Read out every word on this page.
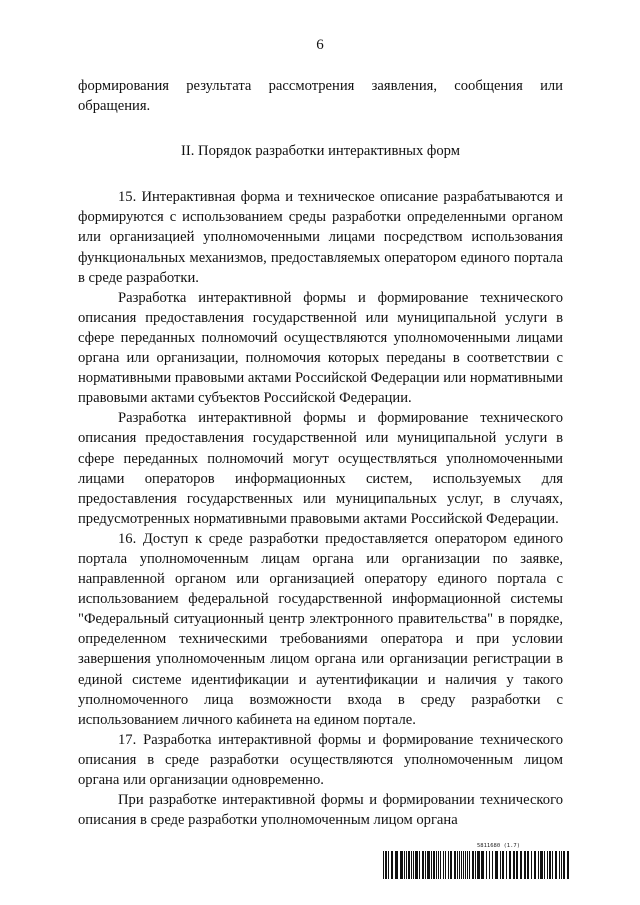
6

формирования результата рассмотрения заявления, сообщения или обращения.

II. Порядок разработки интерактивных форм

15. Интерактивная форма и техническое описание разрабатываются и формируются с использованием среды разработки определенными органом или организацией уполномоченными лицами посредством использования функциональных механизмов, предоставляемых оператором единого портала в среде разработки.

Разработка интерактивной формы и формирование технического описания предоставления государственной или муниципальной услуги в сфере переданных полномочий осуществляются уполномоченными лицами органа или организации, полномочия которых переданы в соответствии с нормативными правовыми актами Российской Федерации или нормативными правовыми актами субъектов Российской Федерации.

Разработка интерактивной формы и формирование технического описания предоставления государственной или муниципальной услуги в сфере переданных полномочий могут осуществляться уполномоченными лицами операторов информационных систем, используемых для предоставления государственных или муниципальных услуг, в случаях, предусмотренных нормативными правовыми актами Российской Федерации.

16. Доступ к среде разработки предоставляется оператором единого портала уполномоченным лицам органа или организации по заявке, направленной органом или организацией оператору единого портала с использованием федеральной государственной информационной системы "Федеральный ситуационный центр электронного правительства" в порядке, определенном техническими требованиями оператора и при условии завершения уполномоченным лицом органа или организации регистрации в единой системе идентификации и аутентификации и наличия у такого уполномоченного лица возможности входа в среду разработки с использованием личного кабинета на едином портале.

17. Разработка интерактивной формы и формирование технического описания в среде разработки осуществляются уполномоченным лицом органа или организации одновременно.

При разработке интерактивной формы и формировании технического описания в среде разработки уполномоченным лицом органа

5811680 (1.7)
